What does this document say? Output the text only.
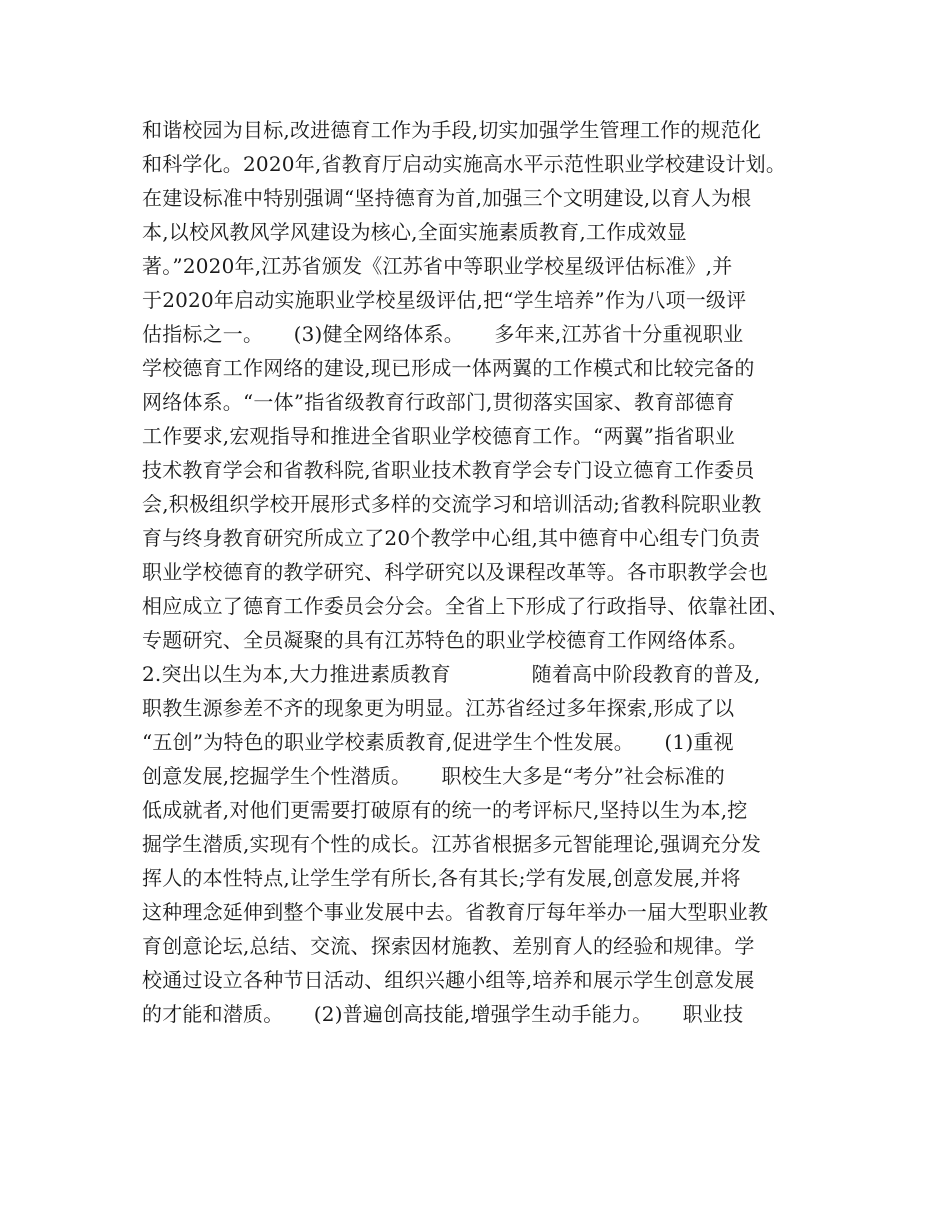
和谐校园为目标,改进德育工作为手段,切实加强学生管理工作的规范化
和科学化。2020年,省教育厅启动实施高水平示范性职业学校建设计划。
在建设标准中特别强调“坚持德育为首,加强三个文明建设,以育人为根
本,以校风教风学风建设为核心,全面实施素质教育,工作成效显
著。”2020年,江苏省颁发《江苏省中等职业学校星级评估标准》,并
于2020年启动实施职业学校星级评估,把“学生培养”作为八项一级评
估指标之一。　　(3)健全网络体系。　　多年来,江苏省十分重视职业
学校德育工作网络的建设,现已形成一体两翼的工作模式和比较完备的
网络体系。“一体”指省级教育行政部门,贯彻落实国家、教育部德育
工作要求,宏观指导和推进全省职业学校德育工作。“两翼”指省职业
技术教育学会和省教科院,省职业技术教育学会专门设立德育工作委员
会,积极组织学校开展形式多样的交流学习和培训活动;省教科院职业教
育与终身教育研究所成立了20个教学中心组,其中德育中心组专门负责
职业学校德育的教学研究、科学研究以及课程改革等。各市职教学会也
相应成立了德育工作委员会分会。全省上下形成了行政指导、依靠社团、
专题研究、全员凝聚的具有江苏特色的职业学校德育工作网络体系。
2.突出以生为本,大力推进素质教育　　　　随着高中阶段教育的普及,
职教生源参差不齐的现象更为明显。江苏省经过多年探索,形成了以
“五创”为特色的职业学校素质教育,促进学生个性发展。　　(1)重视
创意发展,挖掘学生个性潜质。　　职校生大多是“考分”社会标准的
低成就者,对他们更需要打破原有的统一的考评标尺,坚持以生为本,挖
掘学生潜质,实现有个性的成长。江苏省根据多元智能理论,强调充分发
挥人的本性特点,让学生学有所长,各有其长;学有发展,创意发展,并将
这种理念延伸到整个事业发展中去。省教育厅每年举办一届大型职业教
育创意论坛,总结、交流、探索因材施教、差别育人的经验和规律。学
校通过设立各种节日活动、组织兴趣小组等,培养和展示学生创意发展
的才能和潜质。　　(2)普遍创高技能,增强学生动手能力。　　职业技
